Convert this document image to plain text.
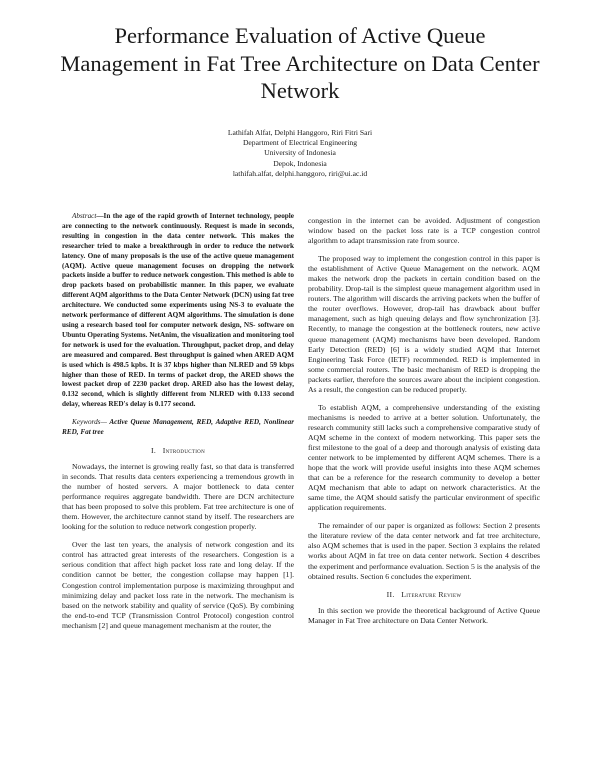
Performance Evaluation of Active Queue Management in Fat Tree Architecture on Data Center Network
Lathifah Alfat, Delphi Hanggoro, Riri Fitri Sari
Department of Electrical Engineering
University of Indonesia
Depok, Indonesia
lathifah.alfat, delphi.hanggoro, riri@ui.ac.id

Abstract—In the age of the rapid growth of Internet technology, people are connecting to the network continuously. Request is made in seconds, resulting in congestion in the data center network. This makes the researcher tried to make a breakthrough in order to reduce the network latency. One of many proposals is the use of the active queue management (AQM). Active queue management focuses on dropping the network packets inside a buffer to reduce network congestion. This method is able to drop packets based on probabilistic manner. In this paper, we evaluate different AQM algorithms to the Data Center Network (DCN) using fat tree architecture. We conducted some experiments using NS-3 to evaluate the network performance of different AQM algorithms. The simulation is done using a research based tool for computer network design, NS- software on Ubuntu Operating Systems. NetAnim, the visualization and monitoring tool for network is used for the evaluation. Throughput, packet drop, and delay are measured and compared. Best throughput is gained when ARED AQM is used which is 498.5 kpbs. It is 37 kbps higher than NLRED and 59 kbps higher than those of RED. In terms of packet drop, the ARED shows the lowest packet drop of 2230 packet drop. ARED also has the lowest delay, 0.132 second, which is slightly different from NLRED with 0.133 second delay, whereas RED's delay is 0.177 second.

Keywords— Active Queue Management, RED, Adaptive RED, Nonlinear RED, Fat tree

I. Introduction

Nowadays, the internet is growing really fast, so that data is transferred in seconds. That results data centers experiencing a tremendous growth in the number of hosted servers. A major bottleneck to data center performance requires aggregate bandwidth. There are DCN architecture that has been proposed to solve this problem. Fat tree architecture is one of them. However, the architecture cannot stand by itself. The researchers are looking for the solution to reduce network congestion properly.

Over the last ten years, the analysis of network congestion and its control has attracted great interests of the researchers. Congestion is a serious condition that affect high packet loss rate and long delay. If the condition cannot be better, the congestion collapse may happen [1]. Congestion control implementation purpose is maximizing throughput and minimizing delay and packet loss rate in the network. The mechanism is based on the network stability and quality of service (QoS). By combining the end-to-end TCP (Transmission Control Protocol) congestion control mechanism [2] and queue management mechanism at the router, the

congestion in the internet can be avoided. Adjustment of congestion window based on the packet loss rate is a TCP congestion control algorithm to adapt transmission rate from source.

The proposed way to implement the congestion control in this paper is the establishment of Active Queue Management on the network. AQM makes the network drop the packets in certain condition based on the probability. Drop-tail is the simplest queue management algorithm used in routers. The algorithm will discards the arriving packets when the buffer of the router overflows. However, drop-tail has drawback about buffer management, such as high queuing delays and flow synchronization [3]. Recently, to manage the congestion at the bottleneck routers, new active queue management (AQM) mechanisms have been developed. Random Early Detection (RED) [6] is a widely studied AQM that Internet Engineering Task Force (IETF) recommended. RED is implemented in some commercial routers. The basic mechanism of RED is dropping the packets earlier, therefore the sources aware about the incipient congestion. As a result, the congestion can be reduced properly.

To establish AQM, a comprehensive understanding of the existing mechanisms is needed to arrive at a better solution. Unfortunately, the research community still lacks such a comprehensive comparative study of AQM scheme in the context of modern networking. This paper sets the first milestone to the goal of a deep and thorough analysis of existing data center network to be implemented by different AQM schemes. There is a hope that the work will provide useful insights into these AQM schemes that can be a reference for the research community to develop a better AQM mechanism that able to adapt on network characteristics. At the same time, the AQM should satisfy the particular environment of specific application requirements.

The remainder of our paper is organized as follows: Section 2 presents the literature review of the data center network and fat tree architecture, also AQM schemes that is used in the paper. Section 3 explains the related works about AQM in fat tree on data center network. Section 4 describes the experiment and performance evaluation. Section 5 is the analysis of the obtained results. Section 6 concludes the experiment.

II. Literature Review

In this section we provide the theoretical background of Active Queue Manager in Fat Tree architecture on Data Center Network.
